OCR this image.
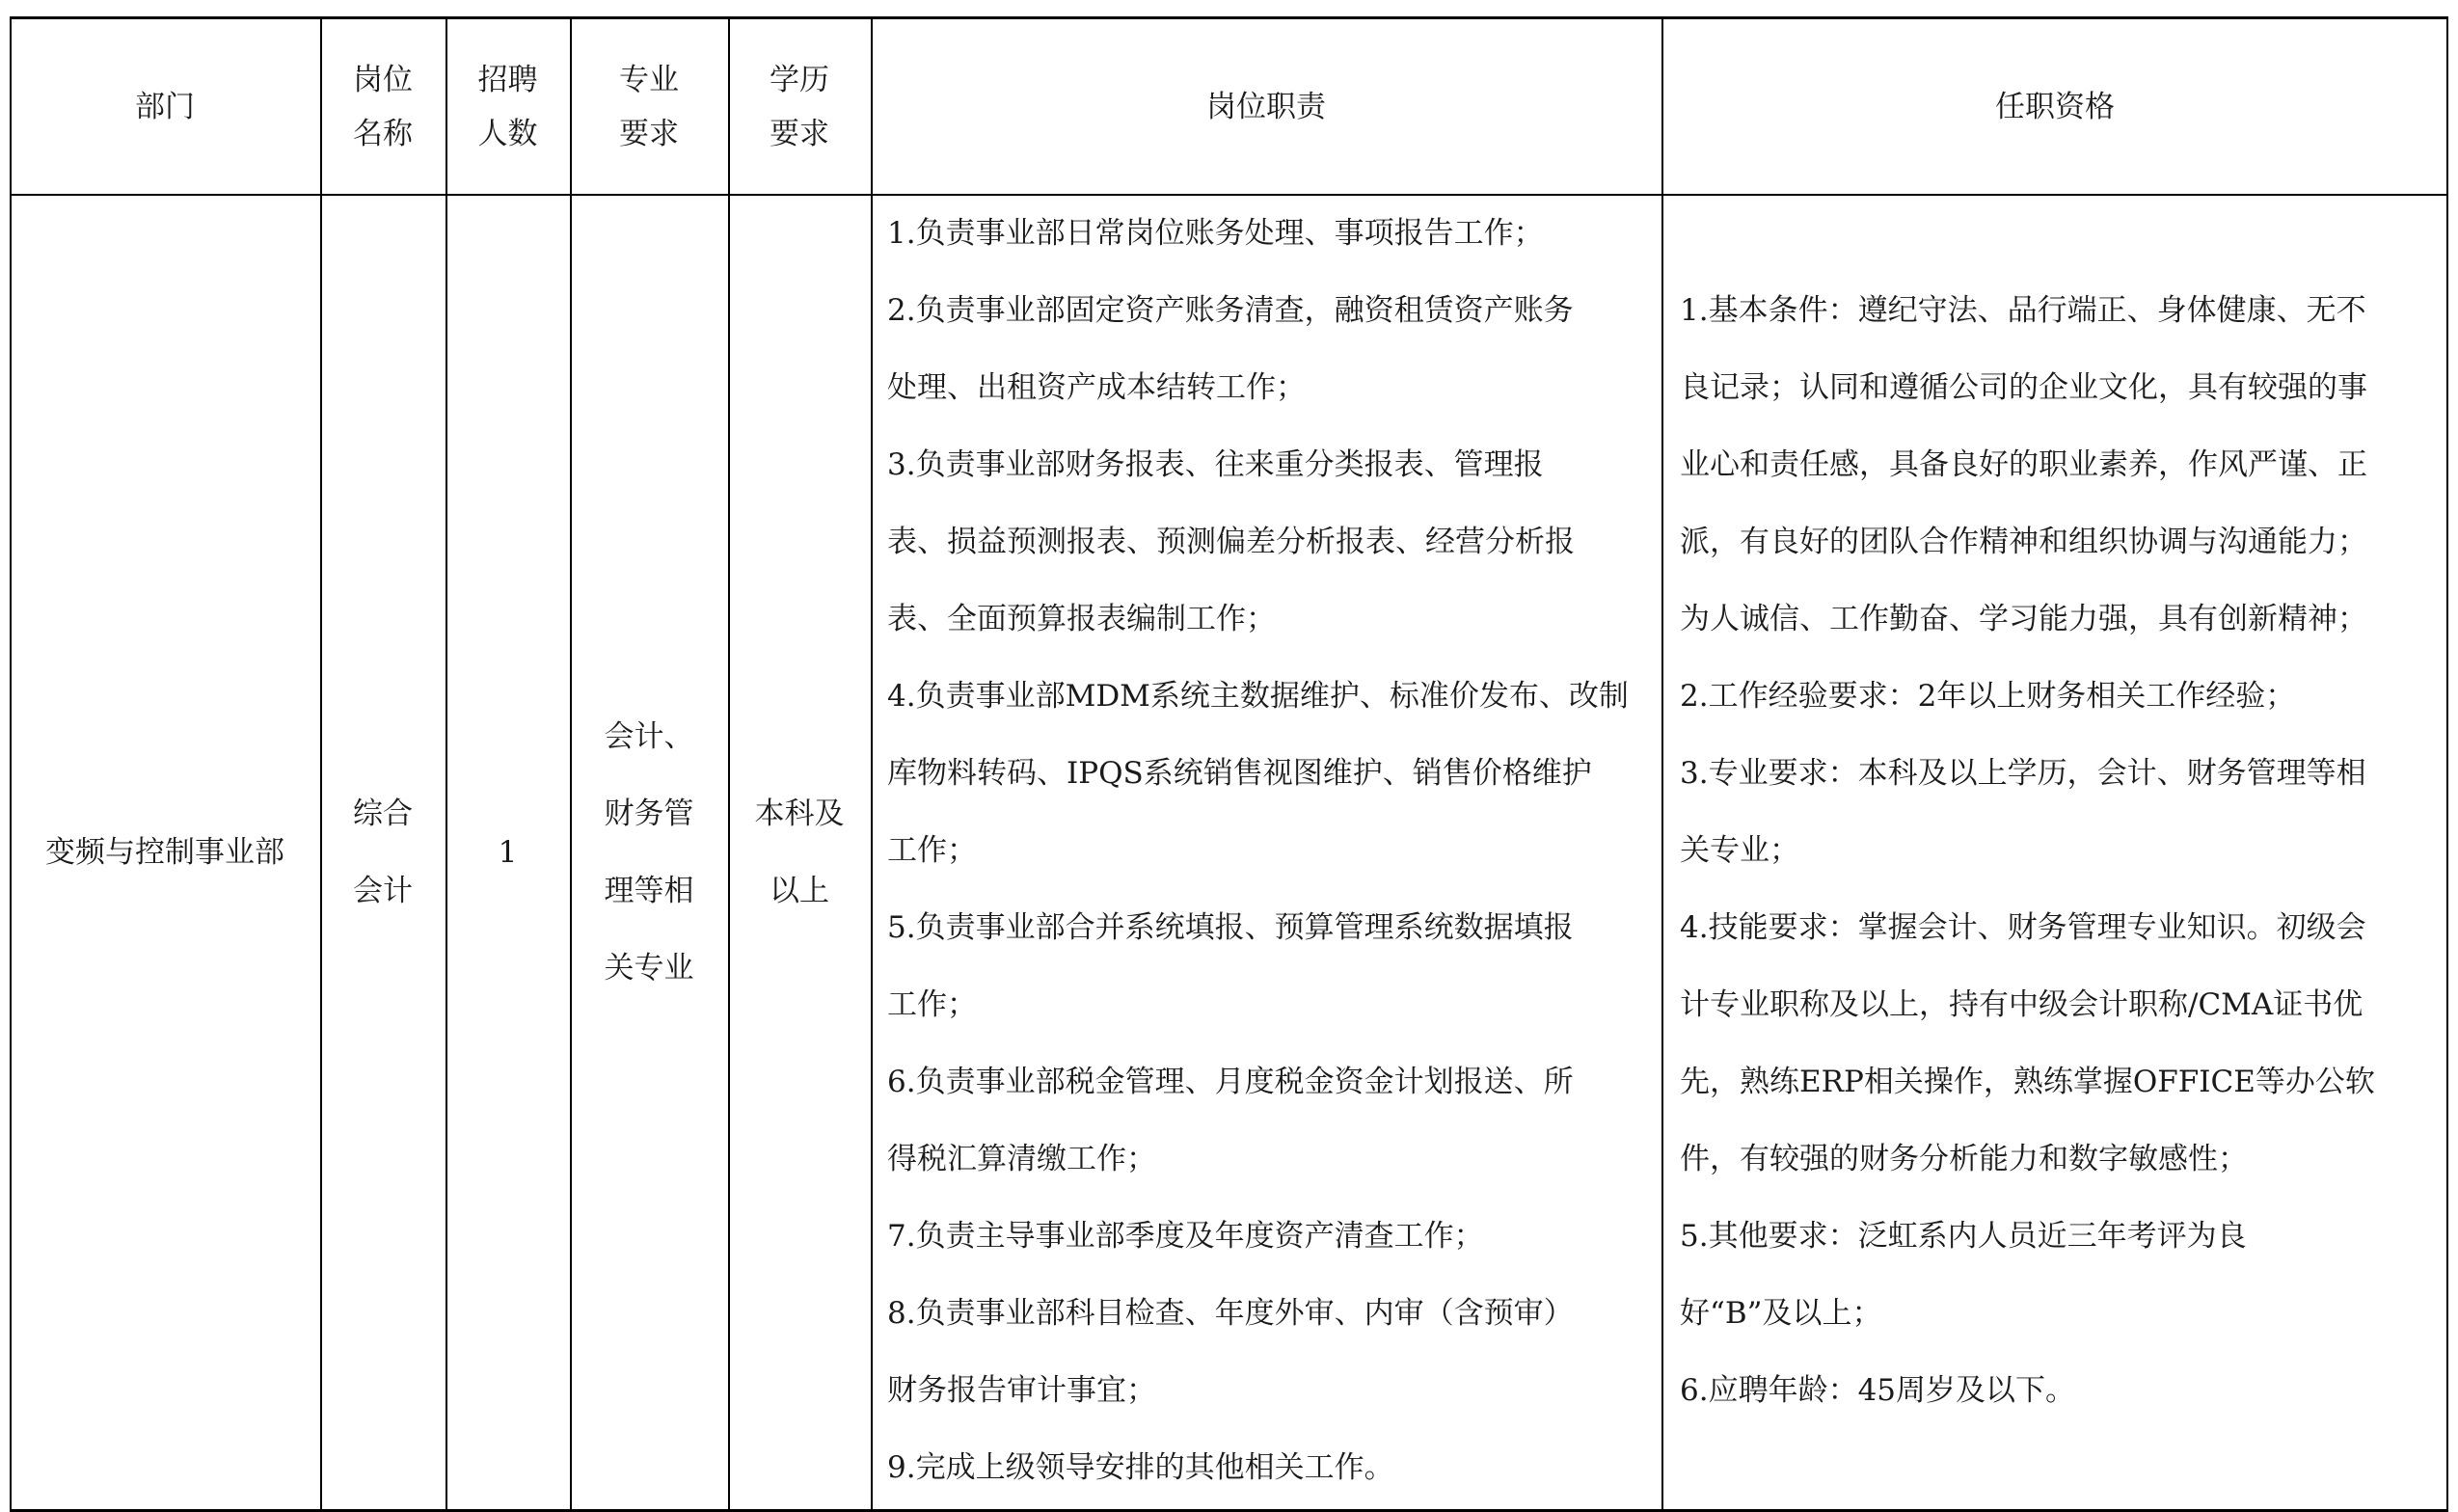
部门
岗位
名称
招聘
人数
专业
要求
学历
要求
岗位职责	任职资格
变频与控制事业部
综合
会计
1
会计、
财务管
理等相
关专业
本科及
以上
1.负责事业部日常岗位账务处理、事项报告工作；
2.负责事业部固定资产账务清查，融资租赁资产账务
处理、出租资产成本结转工作；
3.负责事业部财务报表、往来重分类报表、管理报
表、损益预测报表、预测偏差分析报表、经营分析报
表、全面预算报表编制工作；
4.负责事业部MDM系统主数据维护、标准价发布、改制
库物料转码、IPQS系统销售视图维护、销售价格维护
工作；
5.负责事业部合并系统填报、预算管理系统数据填报
工作；
6.负责事业部税金管理、月度税金资金计划报送、所
得税汇算清缴工作；
7.负责主导事业部季度及年度资产清查工作；
8.负责事业部科目检查、年度外审、内审（含预审）
财务报告审计事宜；
9.完成上级领导安排的其他相关工作。
1.基本条件：遵纪守法、品行端正、身体健康、无不
良记录；认同和遵循公司的企业文化，具有较强的事
业心和责任感，具备良好的职业素养，作风严谨、正
派，有良好的团队合作精神和组织协调与沟通能力；
为人诚信、工作勤奋、学习能力强，具有创新精神；
2.工作经验要求：2年以上财务相关工作经验；
3.专业要求：本科及以上学历，会计、财务管理等相
关专业；
4.技能要求：掌握会计、财务管理专业知识。初级会
计专业职称及以上，持有中级会计职称/CMA证书优
先，熟练ERP相关操作，熟练掌握OFFICE等办公软
件，有较强的财务分析能力和数字敏感性；
5.其他要求：泛虹系内人员近三年考评为良
好“B”及以上；
6.应聘年龄：45周岁及以下。
